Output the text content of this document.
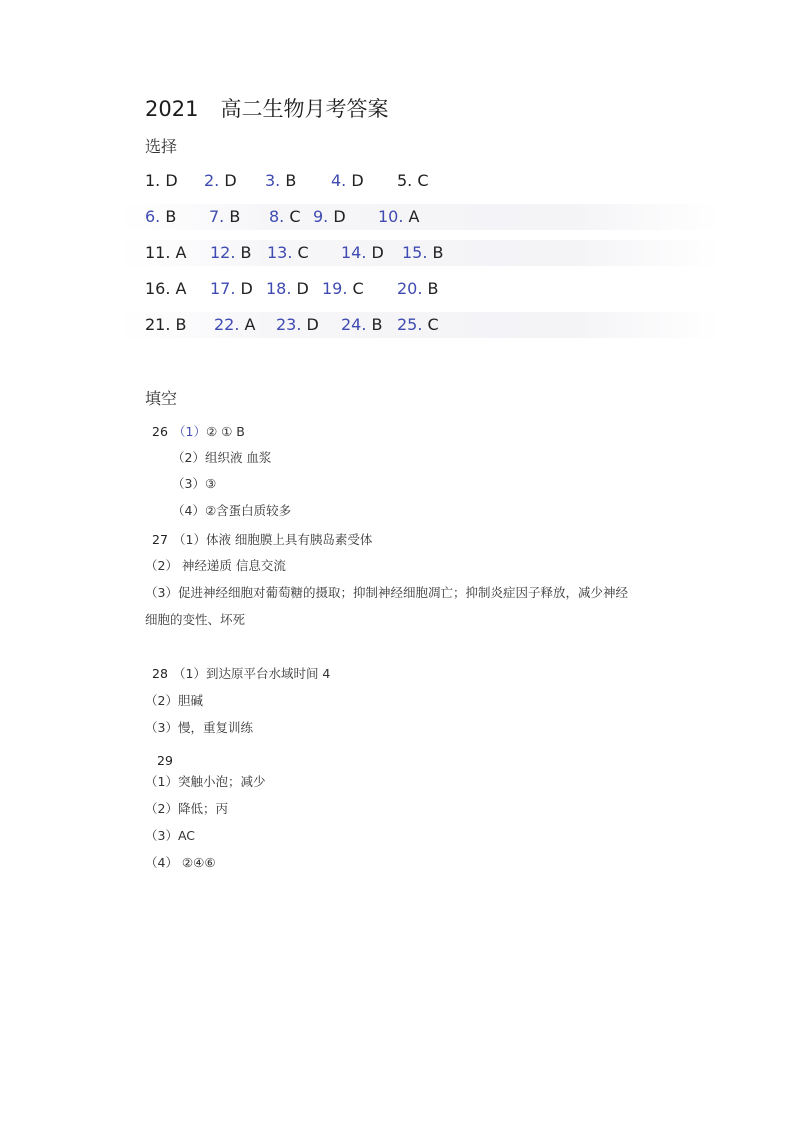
2021 高二生物月考答案
选择
1. D 2. D 3. B 4. D 5. C
6. B 7. B 8. C 9. D 10. A
11. A 12. B 13. C 14. D 15. B
16. A 17. D 18. D 19. C 20. B
21. B 22. A 23. D 24. B 25. C
填空
26 （1）② ① B
（2）组织液 血浆
（3）③
（4）②含蛋白质较多
27 （1）体液 细胞膜上具有胰岛素受体
（2） 神经递质 信息交流
（3）促进神经细胞对葡萄糖的摄取；抑制神经细胞凋亡；抑制炎症因子释放，减少神经
细胞的变性、坏死
28 （1）到达原平台水域时间 4
（2）胆碱
（3）慢，重复训练
29
（1）突触小泡；减少
（2）降低；丙
（3）AC
（4） ②④⑥
